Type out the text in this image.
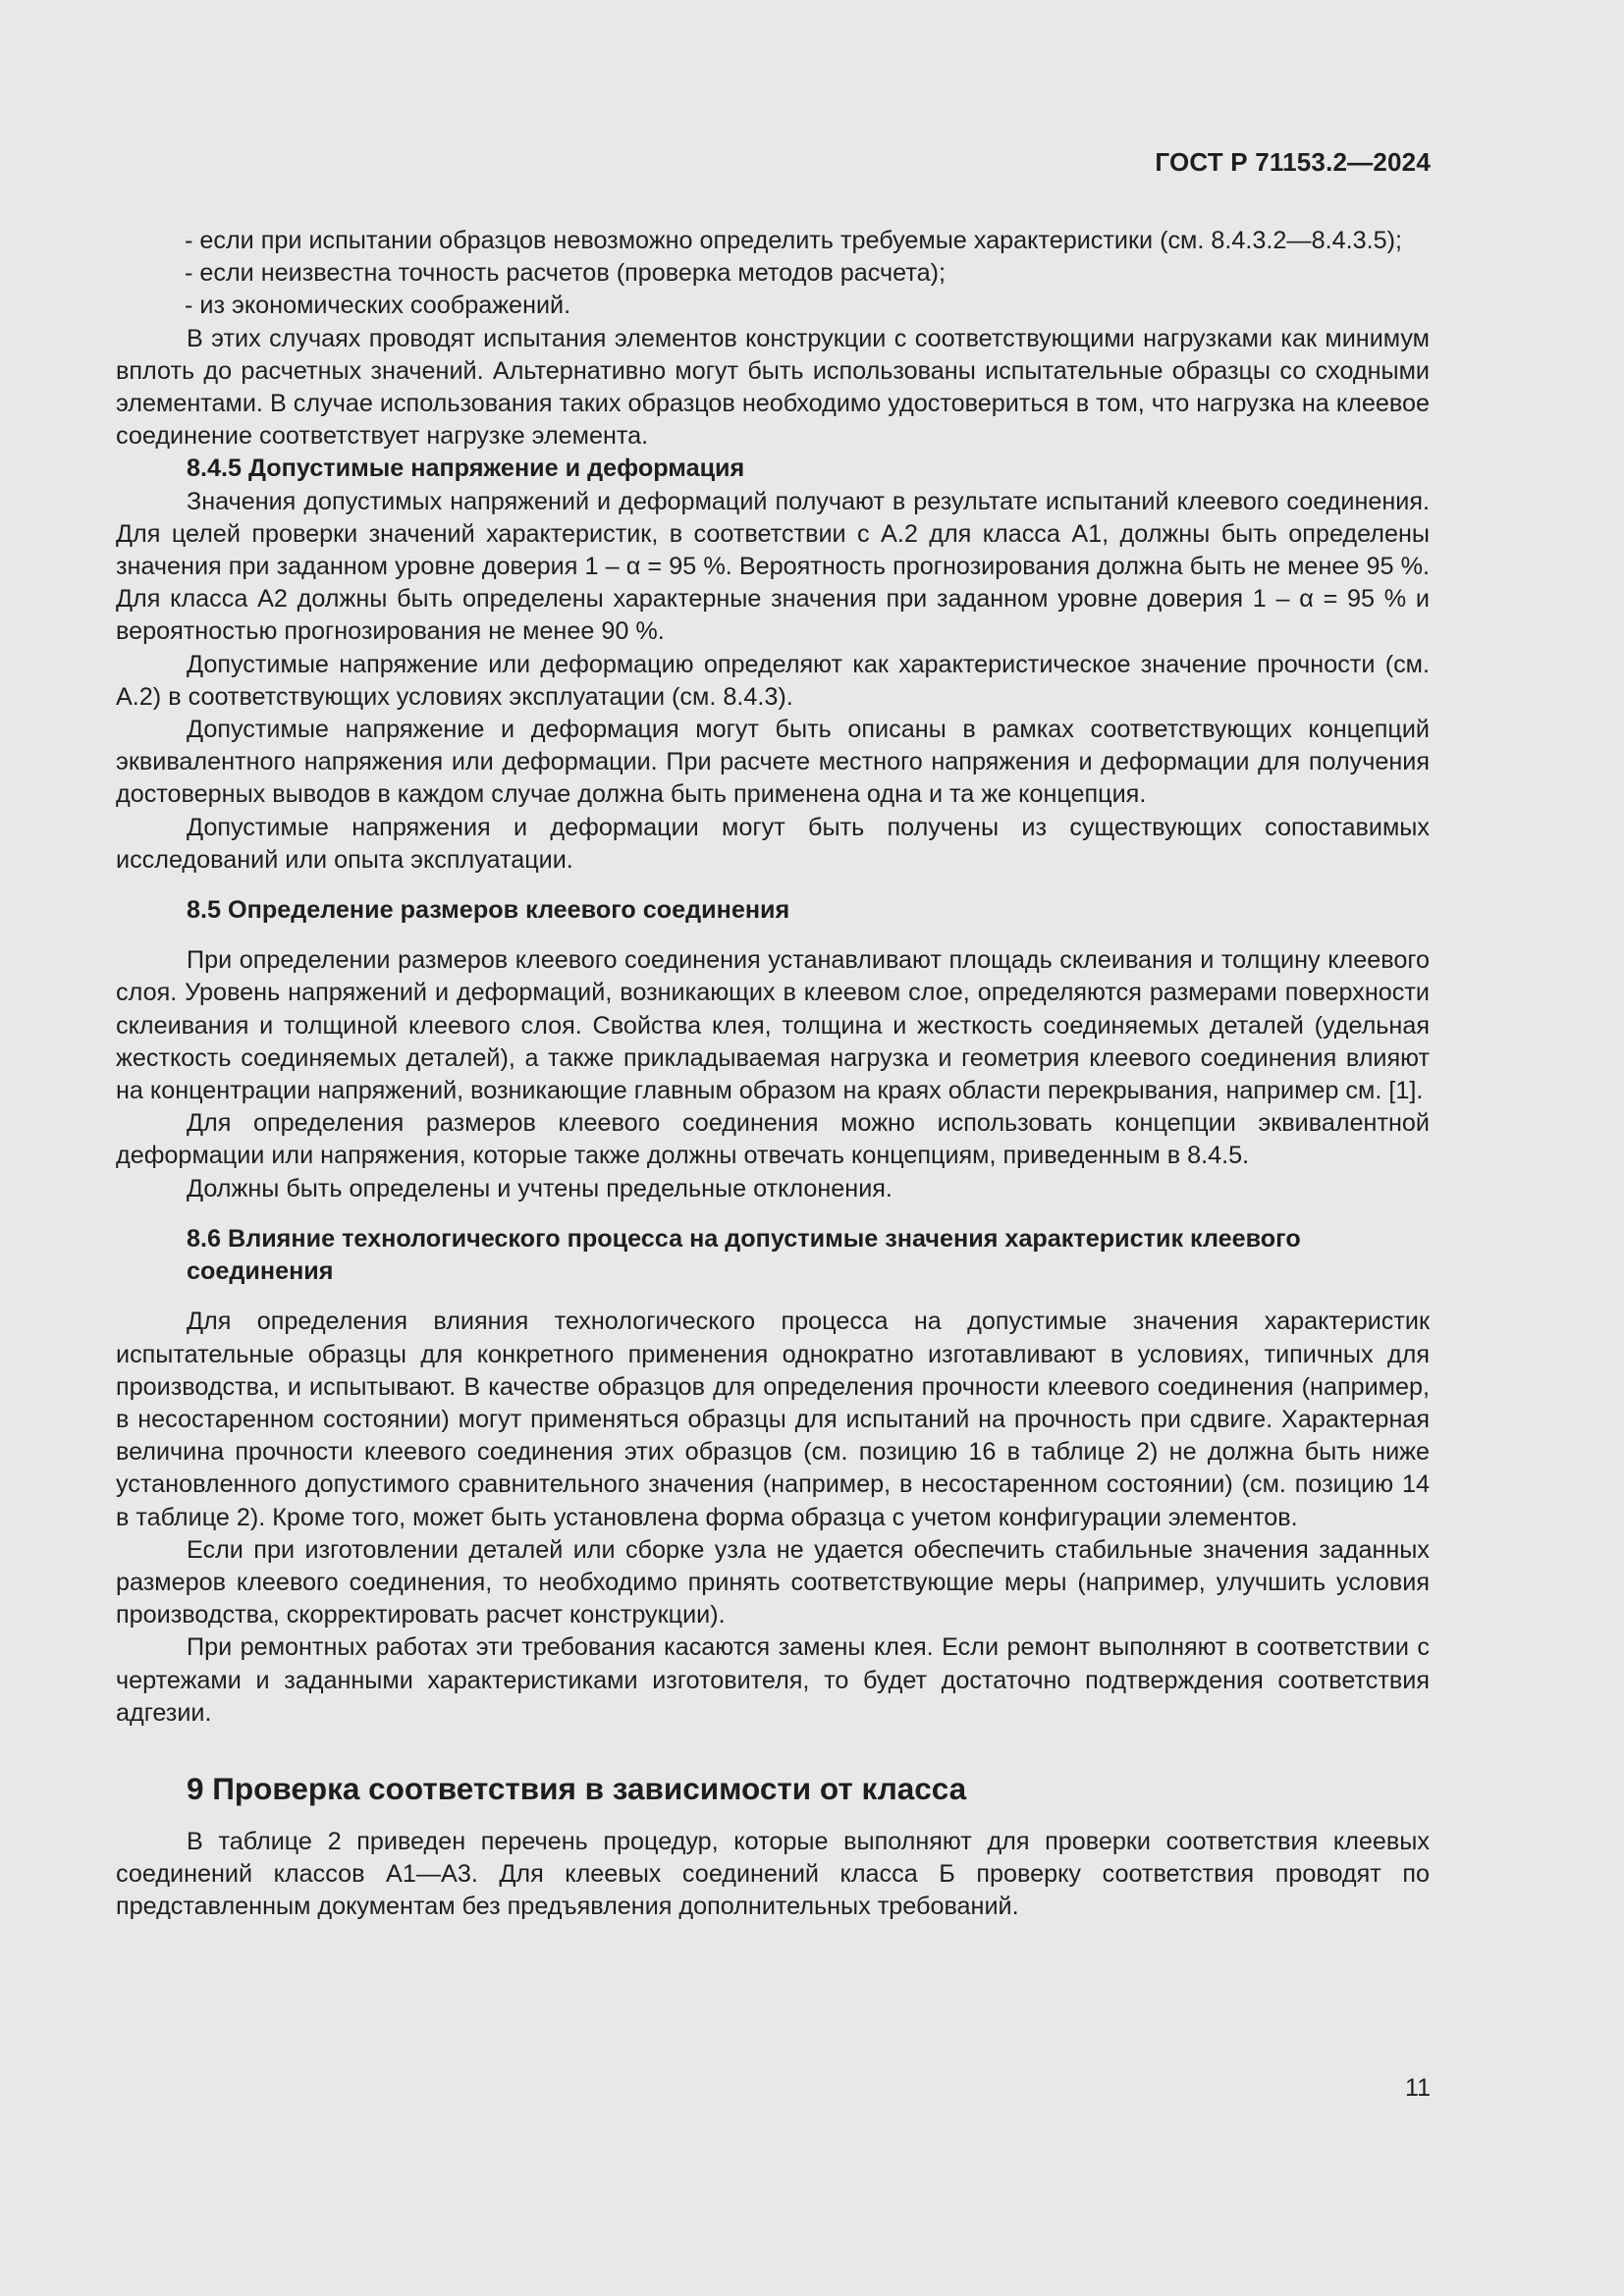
ГОСТ Р 71153.2—2024

- если при испытании образцов невозможно определить требуемые характеристики (см. 8.4.3.2—8.4.3.5);

- если неизвестна точность расчетов (проверка методов расчета);

- из экономических соображений.

В этих случаях проводят испытания элементов конструкции с соответствующими нагрузками как минимум вплоть до расчетных значений. Альтернативно могут быть использованы испытательные образцы со сходными элементами. В случае использования таких образцов необходимо удостовериться в том, что нагрузка на клеевое соединение соответствует нагрузке элемента.

8.4.5 Допустимые напряжение и деформация

Значения допустимых напряжений и деформаций получают в результате испытаний клеевого соединения. Для целей проверки значений характеристик, в соответствии с А.2 для класса А1, должны быть определены значения при заданном уровне доверия 1 – α = 95 %. Вероятность прогнозирования должна быть не менее 95 %. Для класса А2 должны быть определены характерные значения при заданном уровне доверия 1 – α = 95 % и вероятностью прогнозирования не менее 90 %.

Допустимые напряжение или деформацию определяют как характеристическое значение прочности (см. А.2) в соответствующих условиях эксплуатации (см. 8.4.3).

Допустимые напряжение и деформация могут быть описаны в рамках соответствующих концепций эквивалентного напряжения или деформации. При расчете местного напряжения и деформации для получения достоверных выводов в каждом случае должна быть применена одна и та же концепция.

Допустимые напряжения и деформации могут быть получены из существующих сопоставимых исследований или опыта эксплуатации.

8.5 Определение размеров клеевого соединения

При определении размеров клеевого соединения устанавливают площадь склеивания и толщину клеевого слоя. Уровень напряжений и деформаций, возникающих в клеевом слое, определяются размерами поверхности склеивания и толщиной клеевого слоя. Свойства клея, толщина и жесткость соединяемых деталей (удельная жесткость соединяемых деталей), а также прикладываемая нагрузка и геометрия клеевого соединения влияют на концентрации напряжений, возникающие главным образом на краях области перекрывания, например см. [1].

Для определения размеров клеевого соединения можно использовать концепции эквивалентной деформации или напряжения, которые также должны отвечать концепциям, приведенным в 8.4.5.

Должны быть определены и учтены предельные отклонения.

8.6 Влияние технологического процесса на допустимые значения характеристик клеевого соединения

Для определения влияния технологического процесса на допустимые значения характеристик испытательные образцы для конкретного применения однократно изготавливают в условиях, типичных для производства, и испытывают. В качестве образцов для определения прочности клеевого соединения (например, в несостаренном состоянии) могут применяться образцы для испытаний на прочность при сдвиге. Характерная величина прочности клеевого соединения этих образцов (см. позицию 16 в таблице 2) не должна быть ниже установленного допустимого сравнительного значения (например, в несостаренном состоянии) (см. позицию 14 в таблице 2). Кроме того, может быть установлена форма образца с учетом конфигурации элементов.

Если при изготовлении деталей или сборке узла не удается обеспечить стабильные значения заданных размеров клеевого соединения, то необходимо принять соответствующие меры (например, улучшить условия производства, скорректировать расчет конструкции).

При ремонтных работах эти требования касаются замены клея. Если ремонт выполняют в соответствии с чертежами и заданными характеристиками изготовителя, то будет достаточно подтверждения соответствия адгезии.

9 Проверка соответствия в зависимости от класса

В таблице 2 приведен перечень процедур, которые выполняют для проверки соответствия клеевых соединений классов А1—А3. Для клеевых соединений класса Б проверку соответствия проводят по представленным документам без предъявления дополнительных требований.

11
